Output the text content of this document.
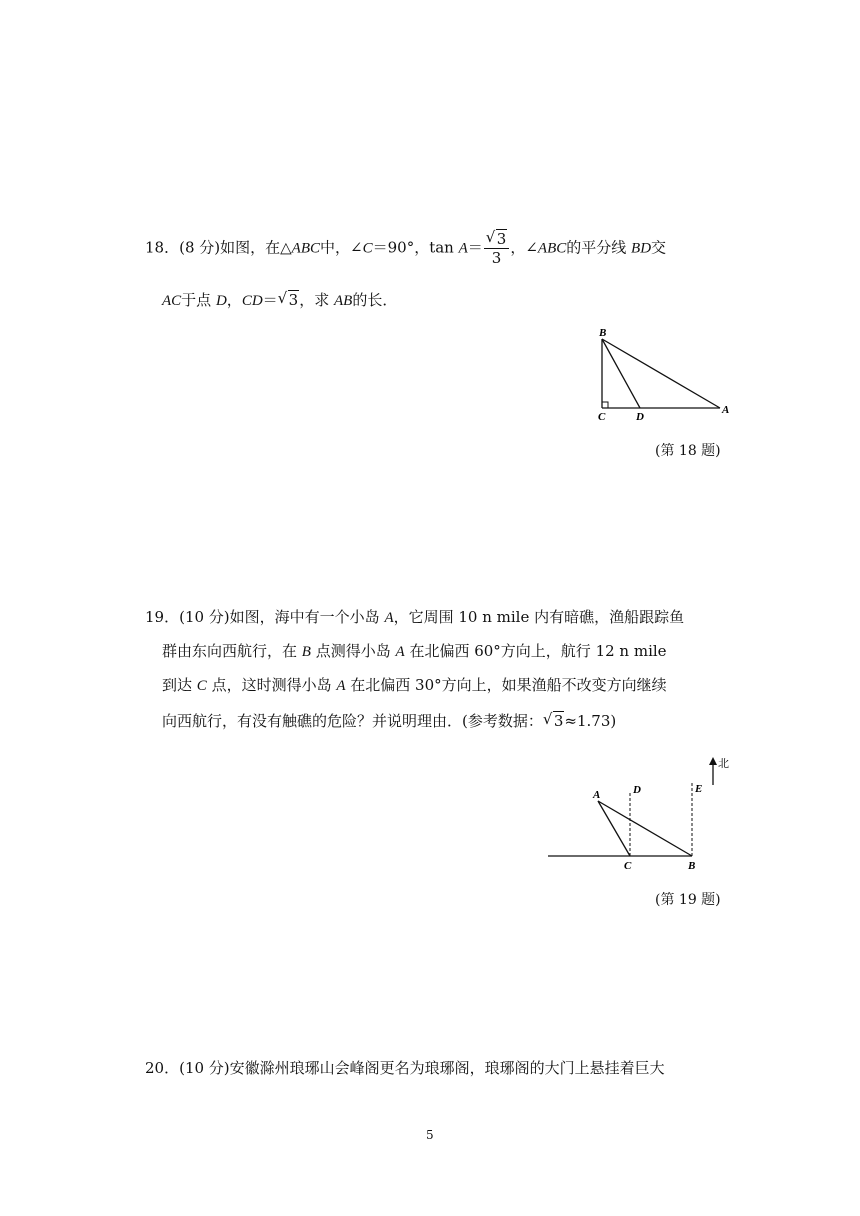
18．(8 分)如图，在△ABC中，∠C＝90°，tan A＝ √ $\frac{3}{3}$ ，∠ABC的平分线 BD交
AC于点 D，CD＝ √ 3，求 AB的长．
B
C	D
A
(第 18 题)
19．(10 分)如图，海中有一个小岛 A，它周围 10 n mile 内有暗礁，渔船跟踪鱼
群由东向西航行，在 B 点测得小岛 A 在北偏西 60°方向上，航行 12 n mile
到达 C 点，这时测得小岛 A 在北偏西 30°方向上，如果渔船不改变方向继续
向西航行，有没有触礁的危险？并说明理由．(参考数据： √ 3≈1.73)
A	D	E
C	B
北
(第 19 题)
20．(10 分)安徽滁州琅琊山会峰阁更名为琅琊阁，琅琊阁的大门上悬挂着巨大
5
